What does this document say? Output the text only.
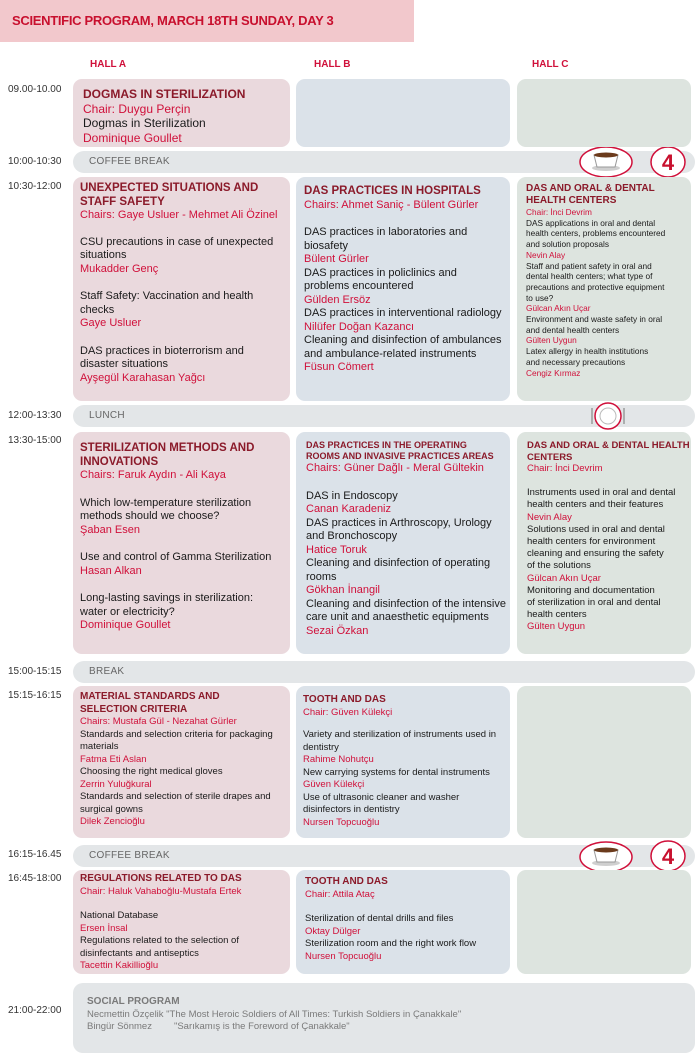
SCIENTIFIC PROGRAM, MARCH 18TH SUNDAY, DAY 3
HALL A	HALL B	HALL C
09.00-10.00
10:00-10:30
10:30-12:00
12:00-13:30
13:30-15:00
15:00-15:15
15:15-16:15
16:15-16.45
16:45-18:00
21:00-22:00
COFFEE BREAK
LUNCH
BREAK
COFFEE BREAK
4
4
DOGMAS IN STERILIZATION
Chair: Duygu Perçin
Dogmas in Sterilization
Dominique Goullet
UNEXPECTED SITUATIONS AND
STAFF SAFETY
Chairs: Gaye Usluer - Mehmet Ali Özinel
CSU precautions in case of unexpected
situations
Mukadder Genç
Staff Safety: Vaccination and health
checks
Gaye Usluer
DAS practices in bioterrorism and
disaster situations
Ayşegül Karahasan Yağcı
DAS PRACTICES IN HOSPITALS
Chairs: Ahmet Saniç - Bülent Gürler
DAS practices in laboratories and
biosafety
Bülent Gürler
DAS practices in policlinics and
problems encountered
Gülden Ersöz
DAS practices in interventional radiology
Nilüfer Doğan Kazancı
Cleaning and disinfection of ambulances
and ambulance-related instruments
Füsun Cömert
DAS AND ORAL & DENTAL
HEALTH CENTERS
Chair: İnci Devrim
DAS applications in oral and dental
health centers, problems encountered
and solution proposals
Nevin Alay
Staff and patient safety in oral and
dental health centers; what type of
precautions and protective equipment
to use?
Gülcan Akın Uçar
Environment and waste safety in oral
and dental health centers
Gülten Uygun
Latex allergy in health institutions
and necessary precautions
Cengiz Kırmaz
STERILIZATION METHODS AND
INNOVATIONS
Chairs: Faruk Aydın - Ali Kaya
Which low-temperature sterilization
methods should we choose?
Şaban Esen
Use and control of Gamma Sterilization
Hasan Alkan
Long-lasting savings in sterilization:
water or electricity?
Dominique Goullet
DAS PRACTICES IN THE OPERATING
ROOMS AND INVASIVE PRACTICES AREAS
Chairs: Güner Dağlı - Meral Gültekin
DAS in Endoscopy
Canan Karadeniz
DAS practices in Arthroscopy, Urology
and Bronchoscopy
Hatice Toruk
Cleaning and disinfection of operating
rooms
Gökhan İnangil
Cleaning and disinfection of the intensive
care unit and anaesthetic equipments
Sezai Özkan
DAS AND ORAL & DENTAL HEALTH
CENTERS
Chair: İnci Devrim
Instruments used in oral and dental
health centers and their features
Nevin Alay
Solutions used in oral and dental
health centers for environment
cleaning and ensuring the safety
of the solutions
Gülcan Akın Uçar
Monitoring and documentation
of sterilization in oral and dental
health centers
Gülten Uygun
MATERIAL STANDARDS AND
SELECTION CRITERIA
Chairs: Mustafa Gül - Nezahat Gürler
Standards and selection criteria for packaging
materials
Fatma Eti Aslan
Choosing the right medical gloves
Zerrin Yuluğkural
Standards and selection of sterile drapes and
surgical gowns
Dilek Zencioğlu
TOOTH AND DAS
Chair: Güven Külekçi
Variety and sterilization of instruments used in
dentistry
Rahime Nohutçu
New carrying systems for dental instruments
Güven Külekçi
Use of ultrasonic cleaner and washer
disinfectors in dentistry
Nursen Topcuoğlu
REGULATIONS RELATED TO DAS
Chair: Haluk Vahaboğlu-Mustafa Ertek
National Database
Ersen İnsal
Regulations related to the selection of
disinfectants and antiseptics
Tacettin Kakillioğlu
TOOTH AND DAS
Chair: Attila Ataç
Sterilization of dental drills and files
Oktay Dülger
Sterilization room and the right work flow
Nursen Topcuoğlu
SOCIAL PROGRAM
Necmettin Özçelik "The Most Heroic Soldiers of All Times: Turkish Soldiers in Çanakkale"
Bingür Sönmez "Sarıkamış is the Foreword of Çanakkale"
